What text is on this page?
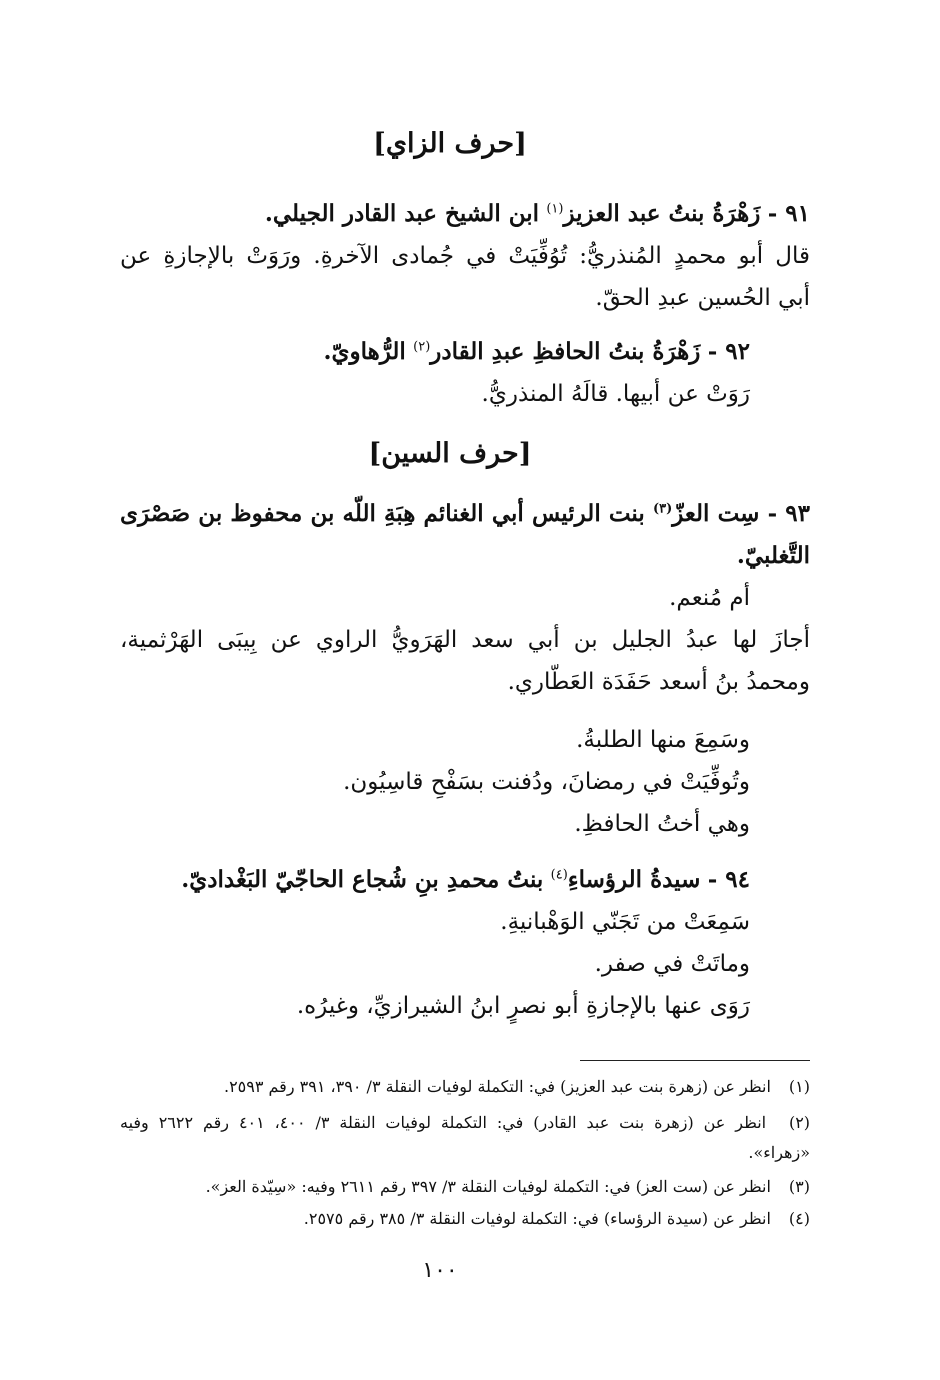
[حرف الزاي]
٩١ - زَهْرَةُ بنتُ عبد العزيز$^{(١)}$ ابن الشيخ عبد القادر الجيلي.
قال أبو محمدٍ المُنذريُّ: تُوُفِّيَتْ في جُمادى الآخرةِ. ورَوَتْ بالإجازةِ عن
أبي الحُسين عبدِ الحقّ.
٩٢ - زَهْرَةُ بنتُ الحافظِ عبدِ القادر$^{(٢)}$ الرُّهاويّ.
رَوَتْ عن أبيها. قالَهُ المنذريُّ.
[حرف السين]
٩٣ - سِت العزّ$^{(٣)}$ بنت الرئيس أبي الغنائم هِبَةِ اللّه بن محفوظ بن صَصْرَى
التَّغلبيّ.
أم مُنعم.
أجازَ لها عبدُ الجليل بن أبي سعد الهَرَويُّ الراوي عن بِيبَى الهَرْثمية،
ومحمدُ بنُ أسعد حَفَدَة العَطّاري.
وسَمِعَ منها الطلبةُ.
وتُوفِّيَتْ في رمضانَ، ودُفنت بسَفْحِ قاسِيُون.
وهي أختُ الحافظِ.
٩٤ - سيدةُ الرؤساءِ$^{(٤)}$ بنتُ محمدِ بنِ شُجاع الحاجّيّ البَغْداديّ.
سَمِعَتْ من تَجَنّي الوَهْبانيةِ.
وماتَتْ في صفر.
رَوَى عنها بالإجازةِ أبو نصرٍ ابنُ الشيرازيِّ، وغيرُه.
(١) انظر عن (زهرة بنت عبد العزيز) في: التكملة لوفيات النقلة ٣/ ٣٩٠، ٣٩١ رقم ٢٥٩٣.
(٢) انظر عن (زهرة بنت عبد القادر) في: التكملة لوفيات النقلة ٣/ ٤٠٠، ٤٠١ رقم ٢٦٢٢ وفيه
«زهراء».
(٣) انظر عن (ست العز) في: التكملة لوفيات النقلة ٣/ ٣٩٧ رقم ٢٦١١ وفيه: «سِيّدة العز».
(٤) انظر عن (سيدة الرؤساء) في: التكملة لوفيات النقلة ٣/ ٣٨٥ رقم ٢٥٧٥.
١٠٠
